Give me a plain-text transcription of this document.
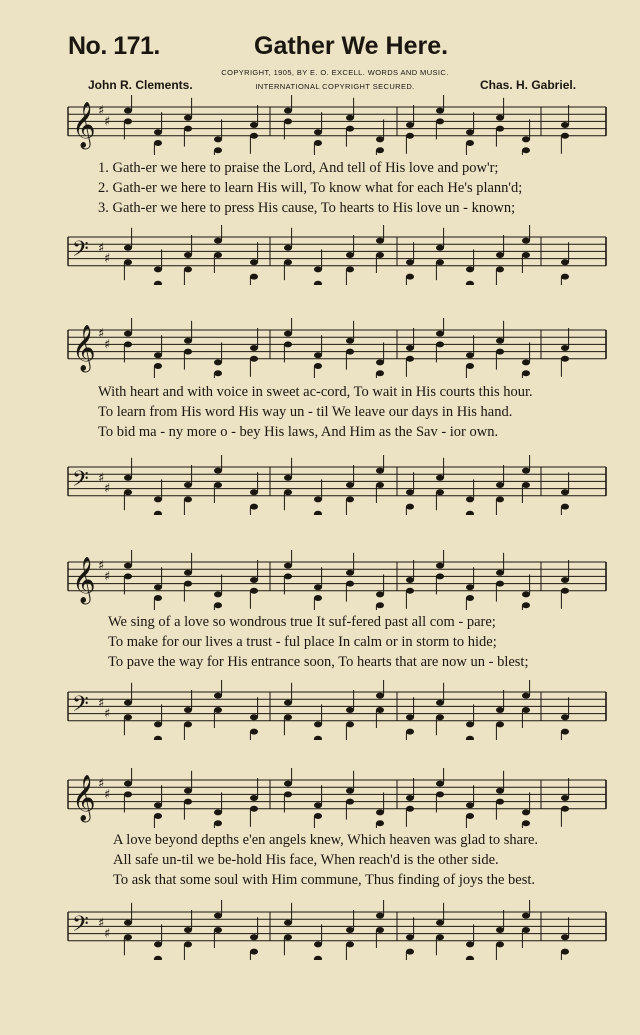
No. 171.	Gather We Here.
COPYRIGHT, 1905, BY E. O. EXCELL. WORDS AND MUSIC.
INTERNATIONAL COPYRIGHT SECURED.
John R. Clements.	Chas. H. Gabriel.
𝄞 ♯
♯
1. Gath-er we here to praise the Lord, And tell of His love and pow'r;
2. Gath-er we here to learn His will, To know what for each He's plann'd;
3. Gath-er we here to press His cause, To hearts to His love un - known;
𝄢 ♯
♯
𝄞 ♯
♯
With heart and with voice in sweet ac-cord, To wait in His courts this hour.
To learn from His word His way un - til We leave our days in His hand.
To bid ma - ny more o - bey His laws, And Him as the Sav - ior own.
𝄢 ♯
♯
𝄞 ♯
♯
We sing of a love so wondrous true It suf-fered past all com - pare;
To make for our lives a trust - ful place In calm or in storm to hide;
To pave the way for His entrance soon, To hearts that are now un - blest;
𝄢 ♯
♯
𝄞 ♯
♯
A love beyond depths e'en angels knew, Which heaven was glad to share.
All safe un-til we be-hold His face, When reach'd is the other side.
To ask that some soul with Him commune, Thus finding of joys the best.
𝄢 ♯
♯
